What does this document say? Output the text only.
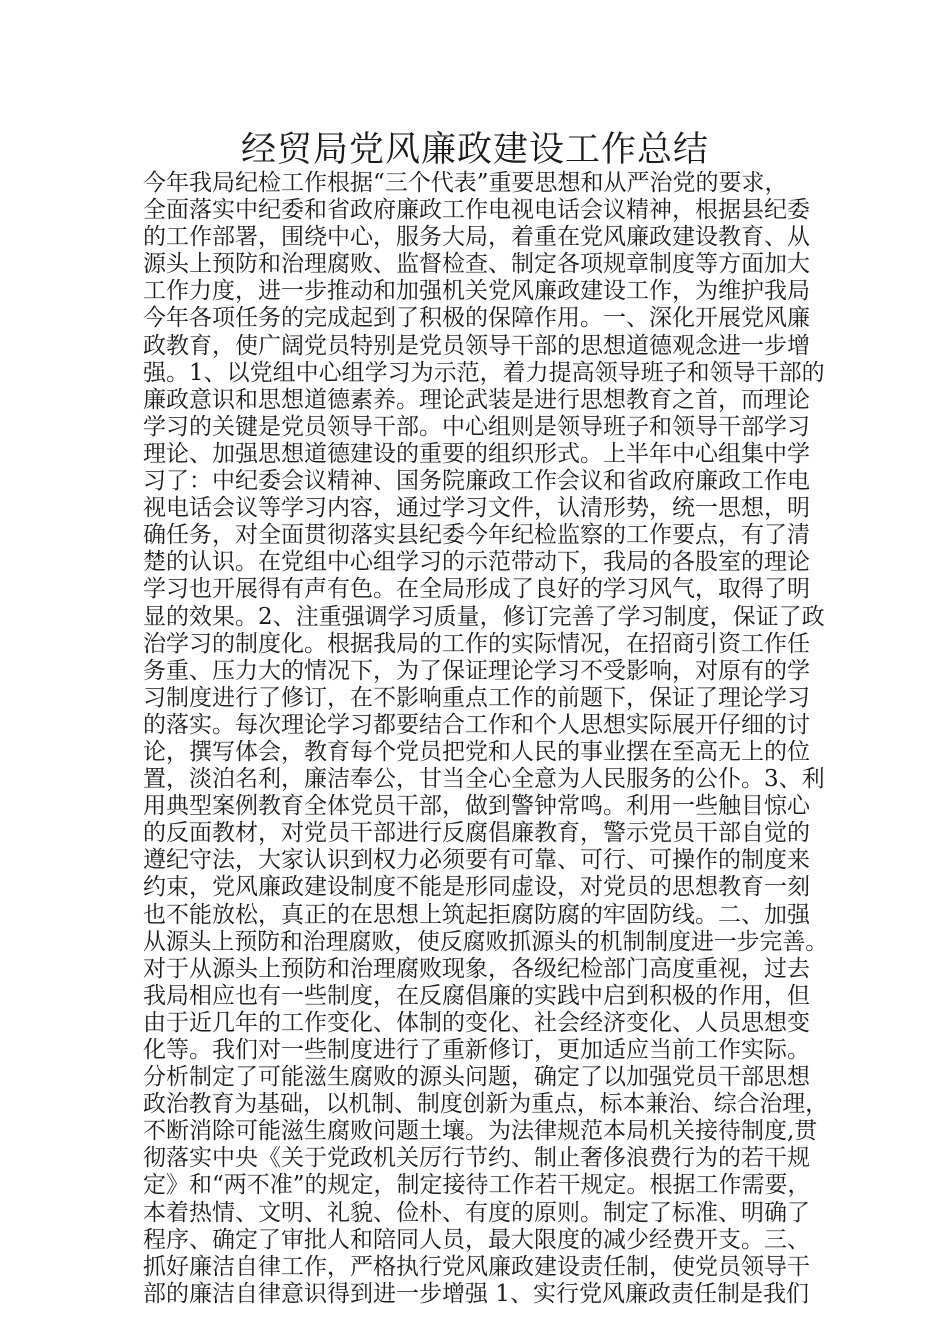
经贸局党风廉政建设工作总结
今年我局纪检工作根据“三个代表”重要思想和从严治党的要求，
全面落实中纪委和省政府廉政工作电视电话会议精神，根据县纪委
的工作部署，围绕中心，服务大局，着重在党风廉政建设教育、从
源头上预防和治理腐败、监督检查、制定各项规章制度等方面加大
工作力度，进一步推动和加强机关党风廉政建设工作，为维护我局
今年各项任务的完成起到了积极的保障作用。一、深化开展党风廉
政教育，使广阔党员特别是党员领导干部的思想道德观念进一步增
强。1、以党组中心组学习为示范，着力提高领导班子和领导干部的
廉政意识和思想道德素养。理论武装是进行思想教育之首，而理论
学习的关键是党员领导干部。中心组则是领导班子和领导干部学习
理论、加强思想道德建设的重要的组织形式。上半年中心组集中学
习了：中纪委会议精神、国务院廉政工作会议和省政府廉政工作电
视电话会议等学习内容，通过学习文件，认清形势，统一思想，明
确任务，对全面贯彻落实县纪委今年纪检监察的工作要点，有了清
楚的认识。在党组中心组学习的示范带动下，我局的各股室的理论
学习也开展得有声有色。在全局形成了良好的学习风气，取得了明
显的效果。2、注重强调学习质量，修订完善了学习制度，保证了政
治学习的制度化。根据我局的工作的实际情况，在招商引资工作任
务重、压力大的情况下，为了保证理论学习不受影响，对原有的学
习制度进行了修订，在不影响重点工作的前题下，保证了理论学习
的落实。每次理论学习都要结合工作和个人思想实际展开仔细的讨
论，撰写体会，教育每个党员把党和人民的事业摆在至高无上的位
置，淡泊名利，廉洁奉公，甘当全心全意为人民服务的公仆。3、利
用典型案例教育全体党员干部，做到警钟常鸣。利用一些触目惊心
的反面教材，对党员干部进行反腐倡廉教育，警示党员干部自觉的
遵纪守法，大家认识到权力必须要有可靠、可行、可操作的制度来
约束，党风廉政建设制度不能是形同虚设，对党员的思想教育一刻
也不能放松，真正的在思想上筑起拒腐防腐的牢固防线。二、加强
从源头上预防和治理腐败，使反腐败抓源头的机制制度进一步完善。
对于从源头上预防和治理腐败现象，各级纪检部门高度重视，过去
我局相应也有一些制度，在反腐倡廉的实践中启到积极的作用，但
由于近几年的工作变化、体制的变化、社会经济变化、人员思想变
化等。我们对一些制度进行了重新修订，更加适应当前工作实际。
分析制定了可能滋生腐败的源头问题，确定了以加强党员干部思想
政治教育为基础，以机制、制度创新为重点，标本兼治、综合治理，
不断消除可能滋生腐败问题土壤。为法律规范本局机关接待制度,贯
彻落实中央《关于党政机关厉行节约、制止奢侈浪费行为的若干规
定》和“两不准”的规定，制定接待工作若干规定。根据工作需要，
本着热情、文明、礼貌、俭朴、有度的原则。制定了标准、明确了
程序、确定了审批人和陪同人员，最大限度的减少经费开支。三、
抓好廉洁自律工作，严格执行党风廉政建设责任制，使党员领导干
部的廉洁自律意识得到进一步增强 1、实行党风廉政责任制是我们
